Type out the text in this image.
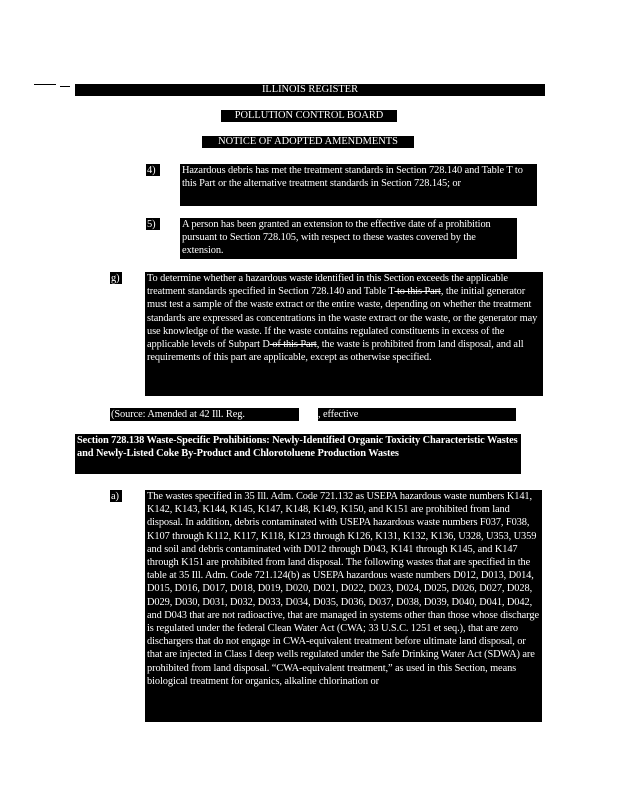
ILLINOIS REGISTER
POLLUTION CONTROL BOARD
NOTICE OF ADOPTED AMENDMENTS
4)	Hazardous debris has met the treatment standards in Section 728.140 and Table T to this Part or the alternative treatment standards in Section 728.145; or
5)	A person has been granted an extension to the effective date of a prohibition pursuant to Section 728.105, with respect to these wastes covered by the extension.
g)	To determine whether a hazardous waste identified in this Section exceeds the applicable treatment standards specified in Section 728.140 and Table T to this Part, the initial generator must test a sample of the waste extract or the entire waste, depending on whether the treatment standards are expressed as concentrations in the waste extract or the waste, or the generator may use knowledge of the waste. If the waste contains regulated constituents in excess of the applicable levels of Subpart D of this Part, the waste is prohibited from land disposal, and all requirements of this part are applicable, except as otherwise specified.
(Source: Amended at 42 Ill. Reg.	, effective	)
Section 728.138 Waste-Specific Prohibitions: Newly-Identified Organic Toxicity Characteristic Wastes and Newly-Listed Coke By-Product and Chlorotoluene Production Wastes
a)	The wastes specified in 35 Ill. Adm. Code 721.132 as USEPA hazardous waste numbers K141, K142, K143, K144, K145, K147, K148, K149, K150, and K151 are prohibited from land disposal. In addition, debris contaminated with USEPA hazardous waste numbers F037, F038, K107 through K112, K117, K118, K123 through K126, K131, K132, K136, U328, U353, U359 and soil and debris contaminated with D012 through D043, K141 through K145, and K147 through K151 are prohibited from land disposal. The following wastes that are specified in the table at 35 Ill. Adm. Code 721.124(b) as USEPA hazardous waste numbers D012, D013, D014, D015, D016, D017, D018, D019, D020, D021, D022, D023, D024, D025, D026, D027, D028, D029, D030, D031, D032, D033, D034, D035, D036, D037, D038, D039, D040, D041, D042, and D043 that are not radioactive, that are managed in systems other than those whose discharge is regulated under the federal Clean Water Act (CWA; 33 U.S.C. 1251 et seq.), that are zero dischargers that do not engage in CWA-equivalent treatment before ultimate land disposal, or that are injected in Class I deep wells regulated under the Safe Drinking Water Act (SDWA) are prohibited from land disposal. “CWA-equivalent treatment,” as used in this Section, means biological treatment for organics, alkaline chlorination or
